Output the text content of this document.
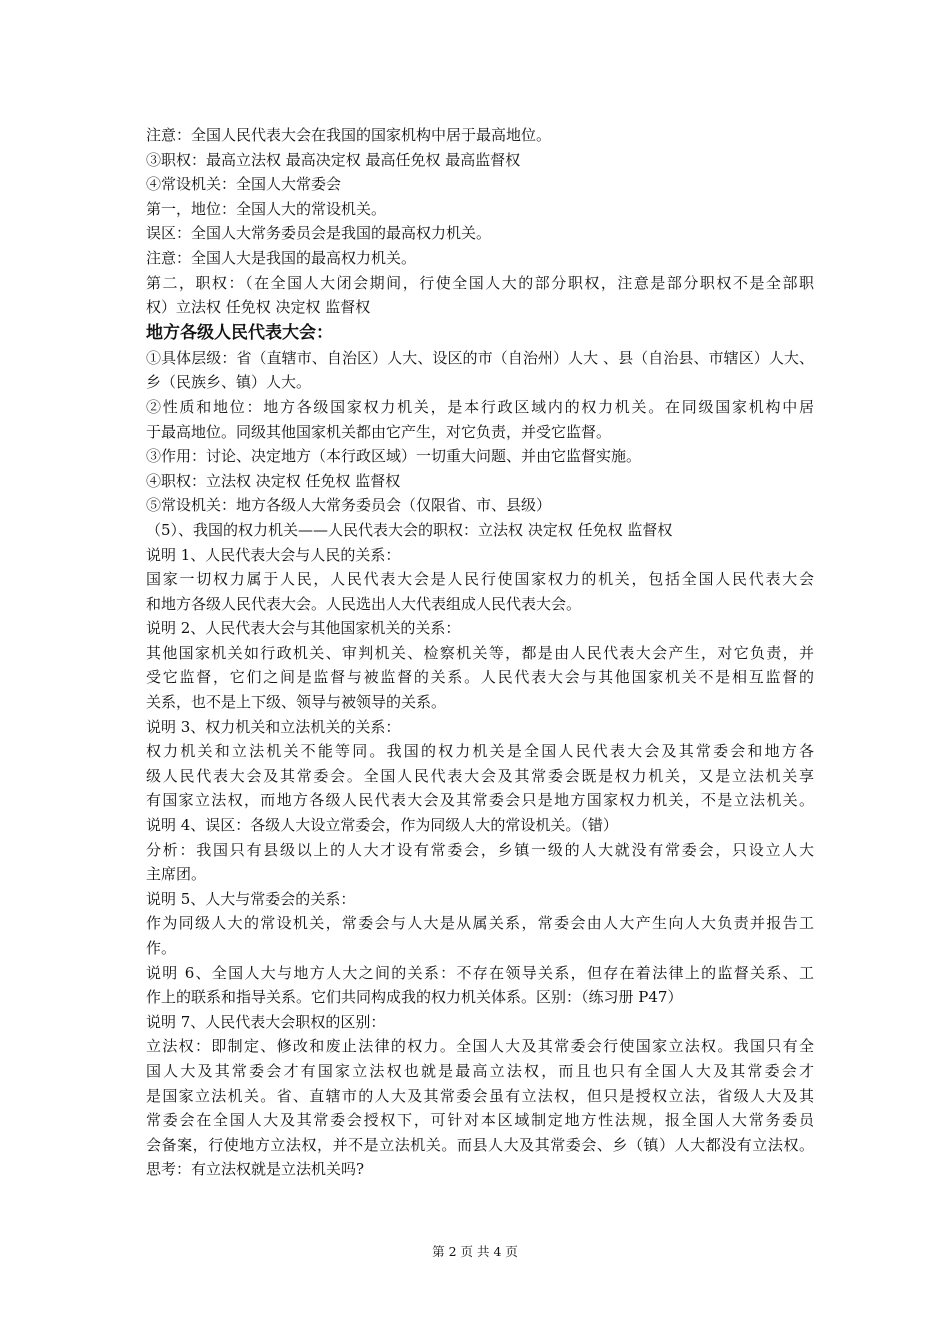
注意：全国人民代表大会在我国的国家机构中居于最高地位。
③职权：最高立法权 最高决定权 最高任免权 最高监督权
④常设机关：全国人大常委会
第一，地位：全国人大的常设机关。
误区：全国人大常务委员会是我国的最高权力机关。
注意：全国人大是我国的最高权力机关。
第二，职权：（在全国人大闭会期间，行使全国人大的部分职权，注意是部分职权不是全部职
权）立法权 任免权 决定权 监督权
地方各级人民代表大会：
①具体层级：省（直辖市、自治区）人大、设区的市（自治州）人大 、县（自治县、市辖区）人大、
乡（民族乡、镇）人大。
②性质和地位：地方各级国家权力机关，是本行政区域内的权力机关。在同级国家机构中居
于最高地位。同级其他国家机关都由它产生，对它负责，并受它监督。
③作用：讨论、决定地方（本行政区域）一切重大问题、并由它监督实施。
④职权：立法权 决定权 任免权 监督权
⑤常设机关：地方各级人大常务委员会（仅限省、市、县级）
（5）、我国的权力机关——人民代表大会的职权：立法权 决定权 任免权 监督权
说明 1、人民代表大会与人民的关系：
国家一切权力属于人民，人民代表大会是人民行使国家权力的机关，包括全国人民代表大会
和地方各级人民代表大会。人民选出人大代表组成人民代表大会。
说明 2、人民代表大会与其他国家机关的关系：
其他国家机关如行政机关、审判机关、检察机关等，都是由人民代表大会产生，对它负责，并
受它监督，它们之间是监督与被监督的关系。人民代表大会与其他国家机关不是相互监督的
关系，也不是上下级、领导与被领导的关系。
说明 3、权力机关和立法机关的关系：
权力机关和立法机关不能等同。我国的权力机关是全国人民代表大会及其常委会和地方各
级人民代表大会及其常委会。全国人民代表大会及其常委会既是权力机关，又是立法机关享
有国家立法权，而地方各级人民代表大会及其常委会只是地方国家权力机关，不是立法机关。
说明 4、误区：各级人大设立常委会，作为同级人大的常设机关。（错）
分析：我国只有县级以上的人大才设有常委会，乡镇一级的人大就没有常委会，只设立人大
主席团。
说明 5、人大与常委会的关系：
作为同级人大的常设机关，常委会与人大是从属关系，常委会由人大产生向人大负责并报告工
作。
说明 6、全国人大与地方人大之间的关系：不存在领导关系，但存在着法律上的监督关系、工
作上的联系和指导关系。它们共同构成我的权力机关体系。区别：（练习册 P47）
说明 7、人民代表大会职权的区别：
立法权：即制定、修改和废止法律的权力。全国人大及其常委会行使国家立法权。我国只有全
国人大及其常委会才有国家立法权也就是最高立法权，而且也只有全国人大及其常委会才
是国家立法机关。省、直辖市的人大及其常委会虽有立法权，但只是授权立法，省级人大及其
常委会在全国人大及其常委会授权下，可针对本区域制定地方性法规，报全国人大常务委员
会备案，行使地方立法权，并不是立法机关。而县人大及其常委会、乡（镇）人大都没有立法权。
思考：有立法权就是立法机关吗?
第 2 页 共 4 页
